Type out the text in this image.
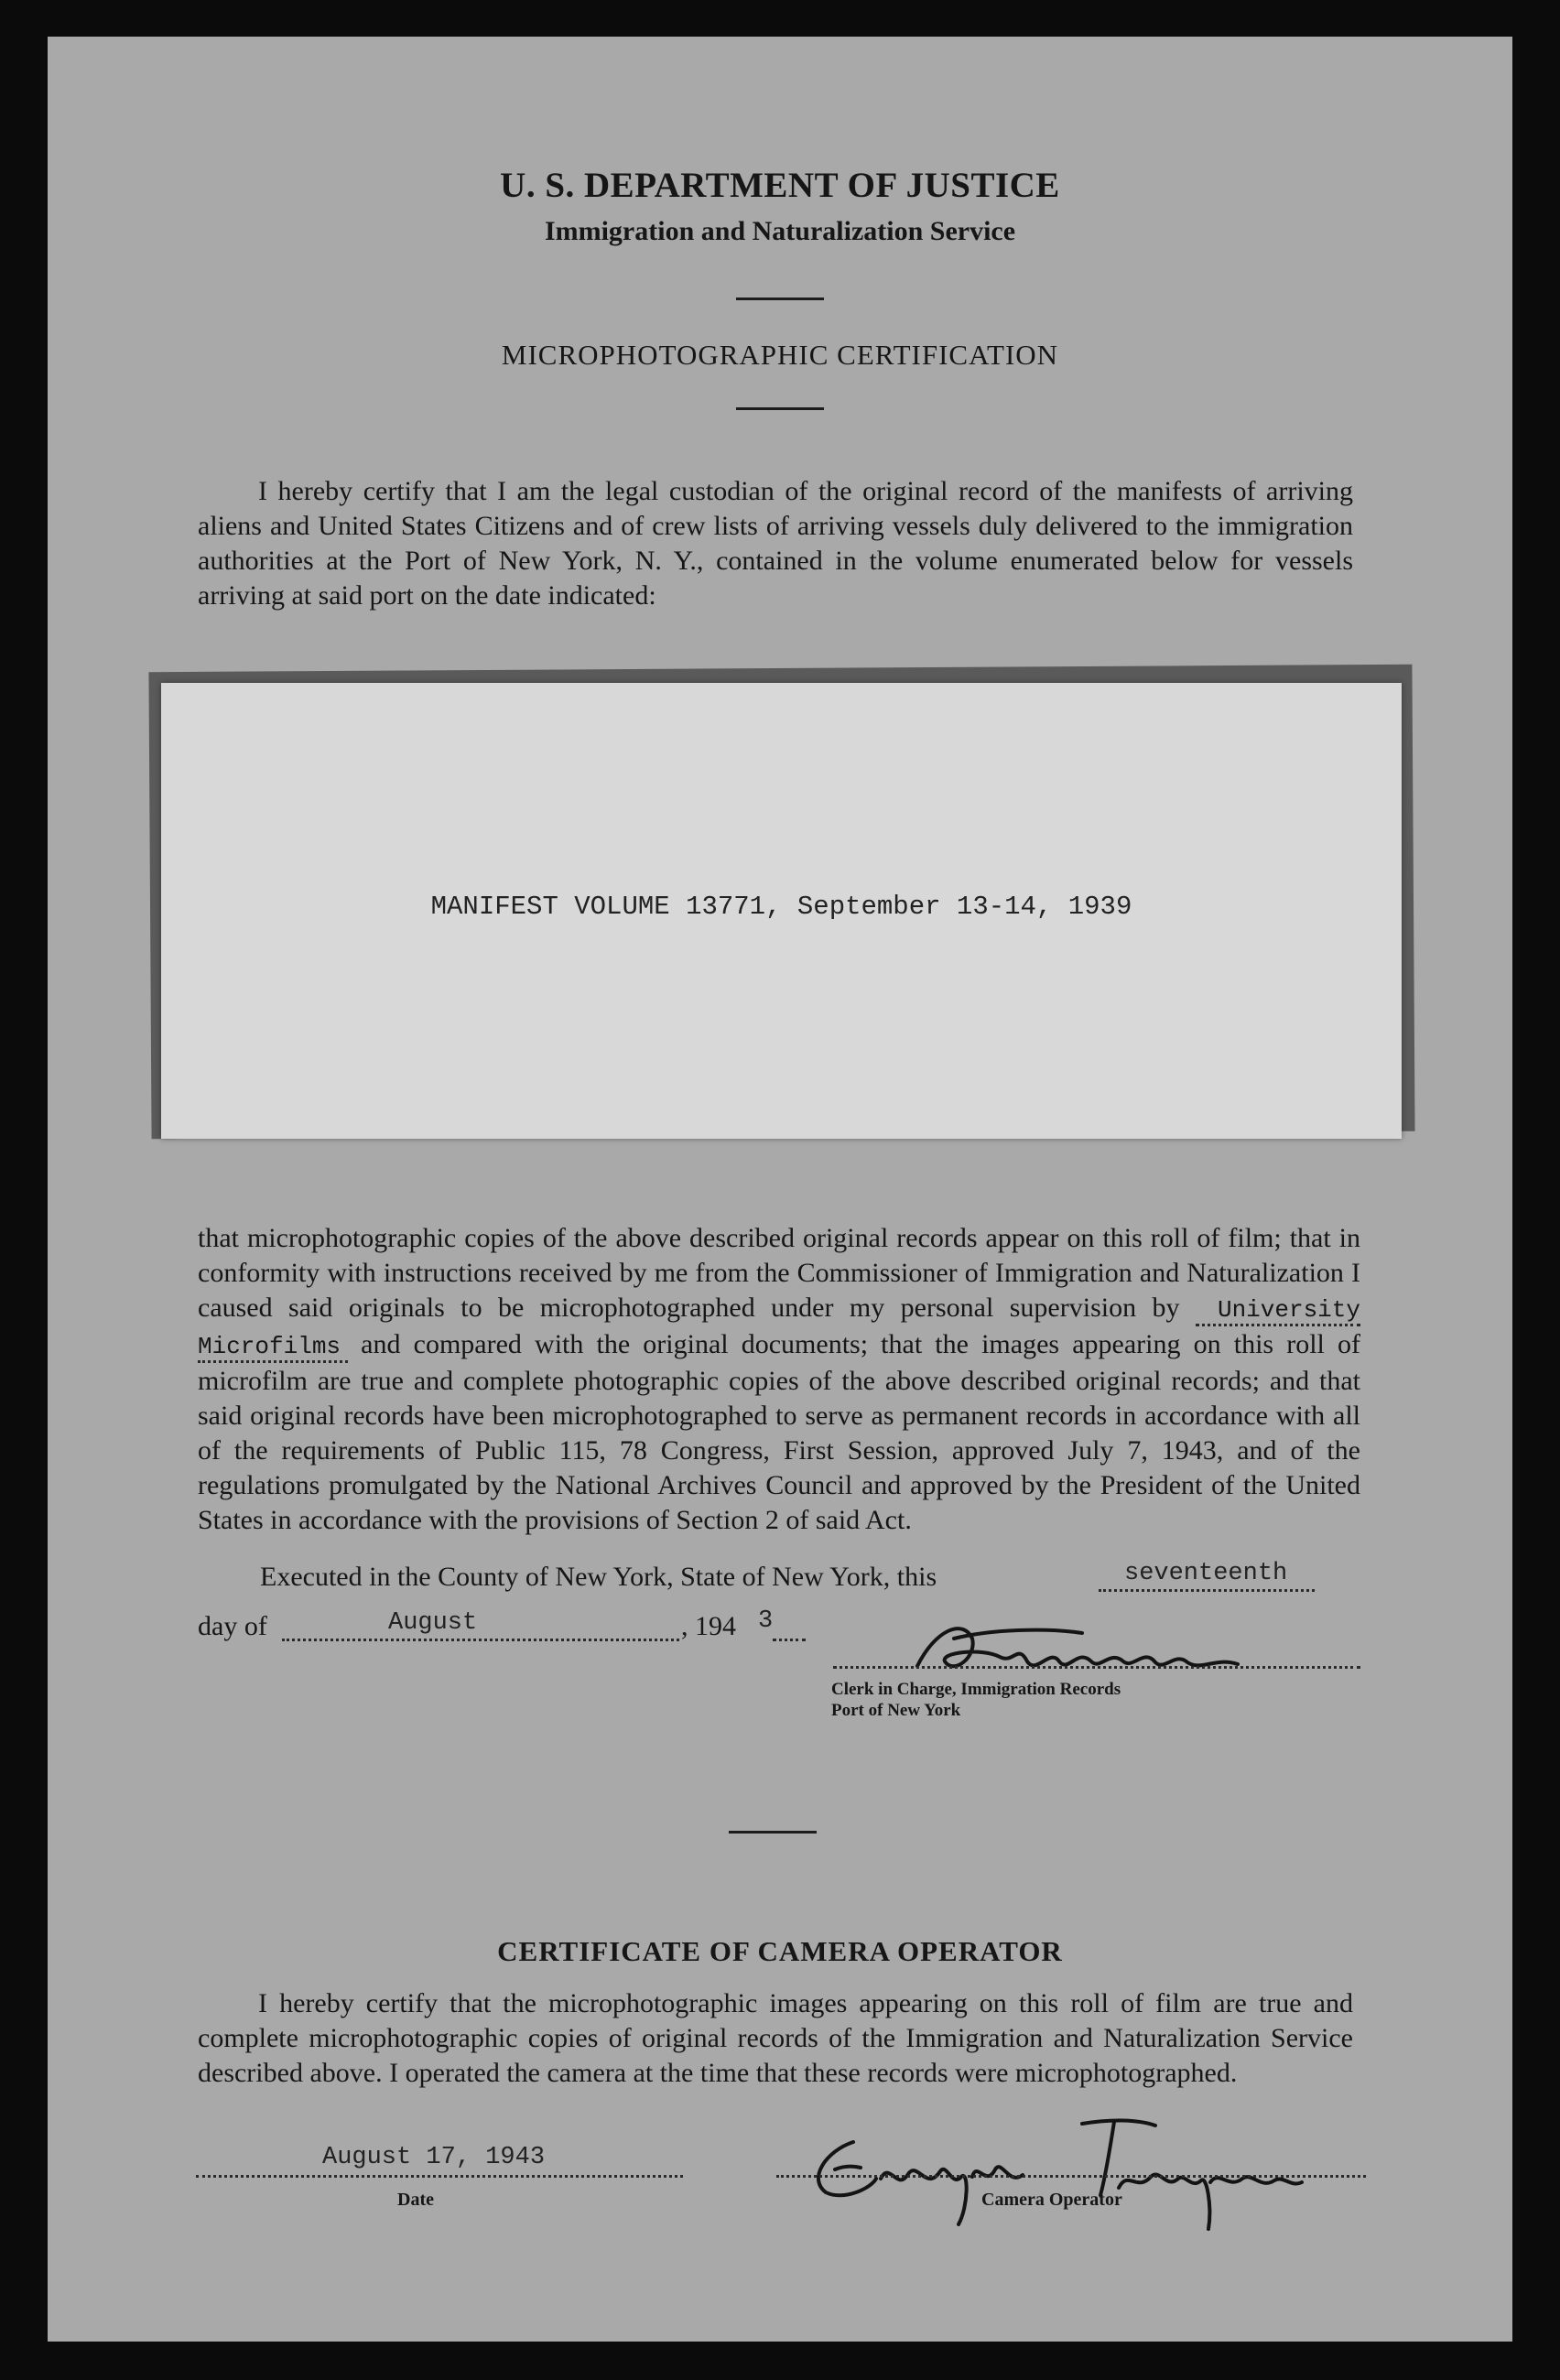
U. S. DEPARTMENT OF JUSTICE
Immigration and Naturalization Service
MICROPHOTOGRAPHIC CERTIFICATION

I hereby certify that I am the legal custodian of the original record of the manifests of arriving aliens and United States Citizens and of crew lists of arriving vessels duly delivered to the immigration authorities at the Port of New York, N. Y., contained in the volume enumerated below for vessels arriving at said port on the date indicated:

MANIFEST VOLUME 13771, September 13-14, 1939

that microphotographic copies of the above described original records appear on this roll of film; that in conformity with instructions received by me from the Commissioner of Immigration and Naturalization I caused said originals to be microphotographed under my personal supervision by University Microfilms and compared with the original documents; that the images appearing on this roll of microfilm are true and complete photographic copies of the above described original records; and that said original records have been microphotographed to serve as permanent records in accordance with all of the requirements of Public 115, 78 Congress, First Session, approved July 7, 1943, and of the regulations promulgated by the National Archives Council and approved by the President of the United States in accordance with the provisions of Section 2 of said Act.

Executed in the County of New York, State of New York, this	seventeenth
day of	August	, 194 3
Clerk in Charge, Immigration Records
Port of New York
CERTIFICATE OF CAMERA OPERATOR

I hereby certify that the microphotographic images appearing on this roll of film are true and complete microphotographic copies of original records of the Immigration and Naturalization Service described above. I operated the camera at the time that these records were microphotographed.

August 17, 1943
Date	Camera Operator
